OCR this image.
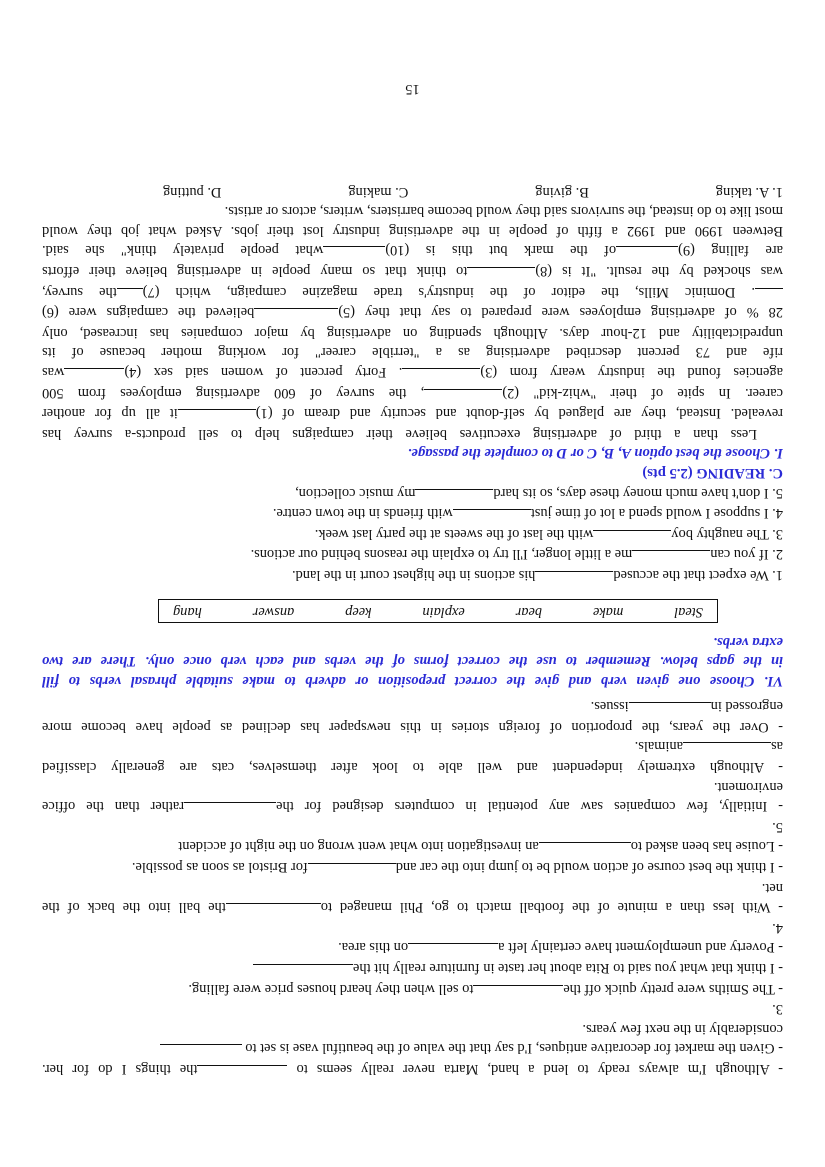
- Although I'm always ready to lend a hand, Marta never really seems to the things I do for her.
- Given the market for decorative antiques, I'd say that the value of the beautiful vase is set to
considerably in the next few years.
3.
- The Smiths were pretty quick off theto sell when they heard houses price were falling.
- I think that what you said to Rita about her taste in furniture really hit the
- Poverty and unemployment have certainly left aon this area.
4.
- With less than a minute of the football match to go, Phil managed tothe ball into the back of the
net.
- I think the best course of action would be to jump into the car andfor Bristol as soon as possible.
- Louise has been asked toan investigation into what went wrong on the night of accident
5.
- Initially, few companies saw any potential in computers designed for therather than the office
enviroment.
- Although extremely independent and well able to look after themselves, cats are generally classified
asanimals.
- Over the years, the proportion of foreign stories in this newspaper has declined as people have become more
engrossed inissues.
VI. Choose one given verb and give the correct preposition or adverb to make suitable phrasal verbs to fill
in the gaps below. Remember to use the correct forms of the verbs and each verb once only. There are two
extra verbs.
Steal
make
bear
explain
keep
answer
hang
1. We expect that the accusedhis actions in the highest court in the land.
2. If you canme a little longer, I'll try to explain the reasons behind our actions.
3. The naughty boywith the last of the sweets at the party last week.
4. I suppose I would spend a lot of time justwith friends in the town centre.
5. I don't have much money these days, so its hardmy music collection,
C. READING (2.5 pts)
I. Choose the best option A, B, C or D to complete the passage.
Less than a third of advertising executives believe their campaigns help to sell products-a survey has
revealed. Instead, they are plagued by self-doubt and security and dream of (1)it all up for another
career. In spite of their "whiz-kid" (2), the survey of 600 advertising employees from 500
agencies found the industry weary from (3). Forty percent of women said sex (4)was
rife and 73 percent described advertising as a "terrible career" for working mother because of its
unpredictability and 12-hour days. Although spending on advertising by major companies has increased, only
28 % of advertising employees were prepared to say that they (5)believed the campaigns were (6)
. Dominic Mills, the editor of the industry's trade magazine campaign, which (7)the survey,
was shocked by the result. "It is (8)to think that so many people in advertising believe their efforts
are falling (9)of the mark but this is (10)what people privately think" she said.
Between 1990 and 1992 a fifth of people in the advertising industry lost their jobs. Asked what job they would
most like to do instead, the survivors said they would become barristers, writers, actors or artists.
1. A. taking
B. giving
C. making
D. putting
15
